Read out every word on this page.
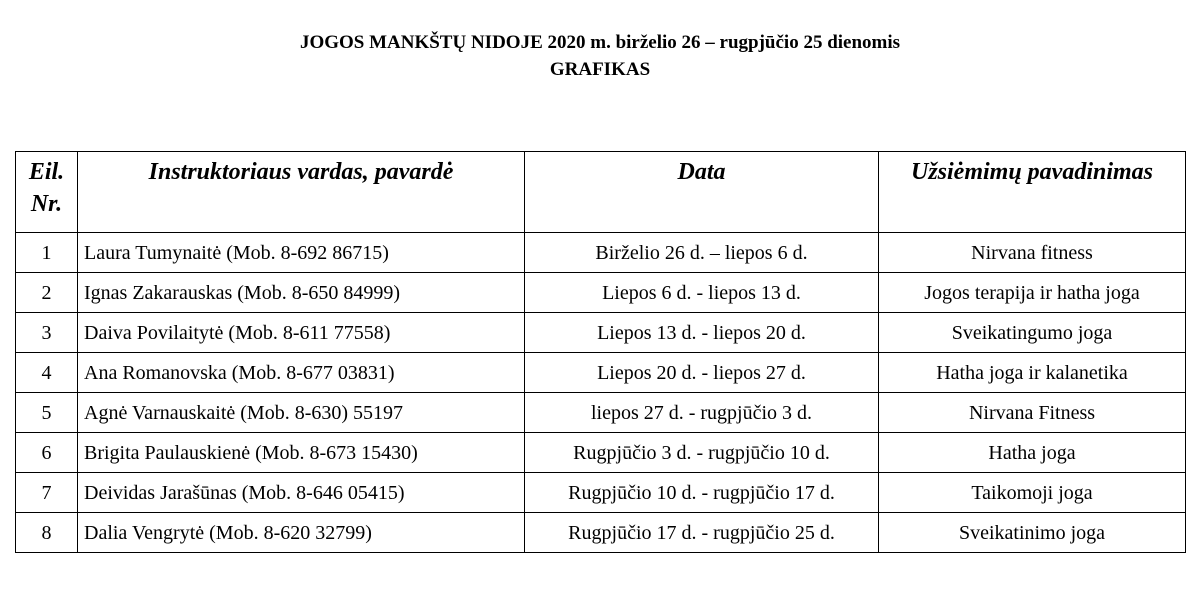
JOGOS MANKŠTŲ NIDOJE 2020 m. birželio 26 – rugpjūčio 25 dienomis
GRAFIKAS
Eil. Nr.	Instruktoriaus vardas, pavardė	Data	Užsiėmimų pavadinimas
1	Laura Tumynaitė (Mob. 8-692 86715)	Birželio 26 d. – liepos 6 d.	Nirvana fitness
2	Ignas Zakarauskas (Mob. 8-650 84999)	Liepos 6 d. - liepos 13 d.	Jogos terapija ir hatha joga
3	Daiva Povilaitytė (Mob. 8-611 77558)	Liepos 13 d. - liepos 20 d.	Sveikatingumo joga
4	Ana Romanovska (Mob. 8-677 03831)	Liepos 20 d. - liepos 27 d.	Hatha joga ir kalanetika
5	Agnė Varnauskaitė (Mob. 8-630) 55197	liepos 27 d. - rugpjūčio 3 d.	Nirvana Fitness
6	Brigita Paulauskienė (Mob. 8-673 15430)	Rugpjūčio 3 d. - rugpjūčio 10 d.	Hatha joga
7	Deividas Jarašūnas (Mob. 8-646 05415)	Rugpjūčio 10 d. - rugpjūčio 17 d.	Taikomoji joga
8	Dalia Vengrytė (Mob. 8-620 32799)	Rugpjūčio 17 d. - rugpjūčio 25 d.	Sveikatinimo joga
